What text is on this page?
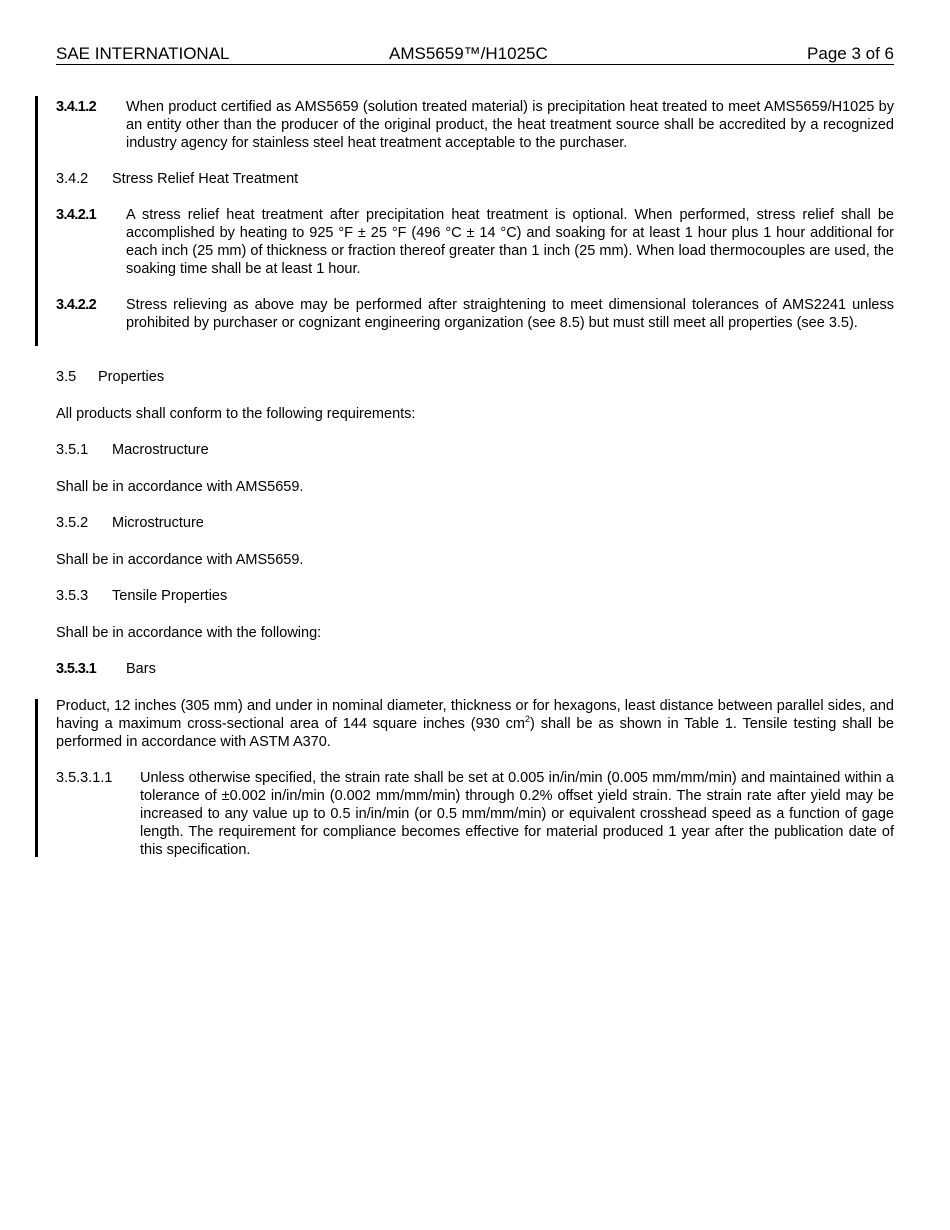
SAE INTERNATIONAL	AMS5659™/H1025C	Page 3 of 6
3.4.1.2 When product certified as AMS5659 (solution treated material) is precipitation heat treated to meet AMS5659/H1025 by an entity other than the producer of the original product, the heat treatment source shall be accredited by a recognized industry agency for stainless steel heat treatment acceptable to the purchaser.
3.4.2 Stress Relief Heat Treatment
3.4.2.1 A stress relief heat treatment after precipitation heat treatment is optional. When performed, stress relief shall be accomplished by heating to 925 °F ± 25 °F (496 °C ± 14 °C) and soaking for at least 1 hour plus 1 hour additional for each inch (25 mm) of thickness or fraction thereof greater than 1 inch (25 mm). When load thermocouples are used, the soaking time shall be at least 1 hour.
3.4.2.2 Stress relieving as above may be performed after straightening to meet dimensional tolerances of AMS2241 unless prohibited by purchaser or cognizant engineering organization (see 8.5) but must still meet all properties (see 3.5).
3.5 Properties
All products shall conform to the following requirements:
3.5.1 Macrostructure
Shall be in accordance with AMS5659.
3.5.2 Microstructure
Shall be in accordance with AMS5659.
3.5.3 Tensile Properties
Shall be in accordance with the following:
3.5.3.1 Bars
Product, 12 inches (305 mm) and under in nominal diameter, thickness or for hexagons, least distance between parallel sides, and having a maximum cross-sectional area of 144 square inches (930 $cm^2$) shall be as shown in Table 1. Tensile testing shall be performed in accordance with ASTM A370.
3.5.3.1.1 Unless otherwise specified, the strain rate shall be set at 0.005 in/in/min (0.005 mm/mm/min) and maintained within a tolerance of ±0.002 in/in/min (0.002 mm/mm/min) through 0.2% offset yield strain. The strain rate after yield may be increased to any value up to 0.5 in/in/min (or 0.5 mm/mm/min) or equivalent crosshead speed as a function of gage length. The requirement for compliance becomes effective for material produced 1 year after the publication date of this specification.
